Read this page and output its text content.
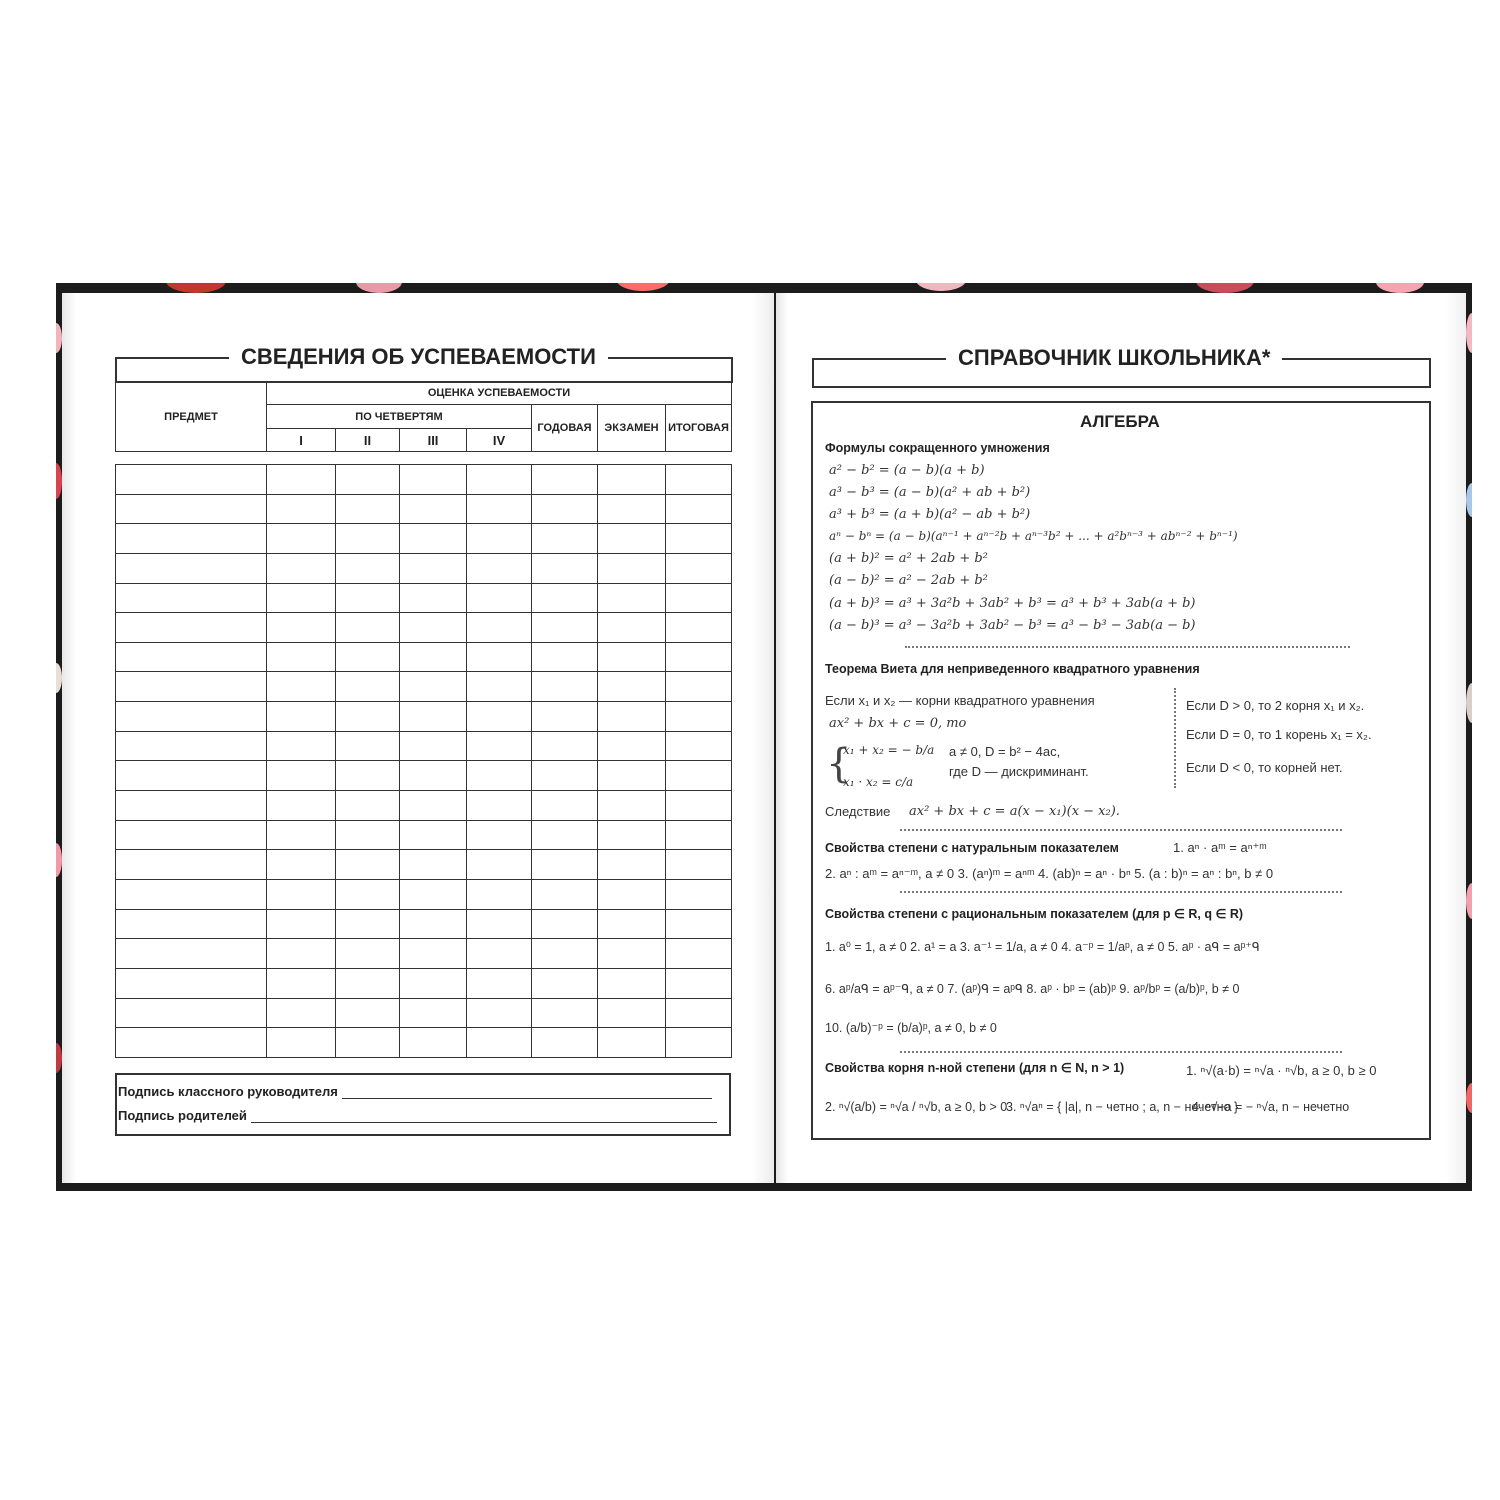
СВЕДЕНИЯ ОБ УСПЕВАЕМОСТИ
ПРЕДМЕТ	ОЦЕНКА УСПЕВАЕМОСТИ						
	ПО ЧЕТВЕРТЯМ				ГОДОВАЯ	ЭКЗАМЕН	ИТОГОВАЯ
	I	II	III	IV			

Подпись классного руководителя
Подпись родителей
СПРАВОЧНИК ШКОЛЬНИКА*
АЛГЕБРА
Формулы сокращенного умножения
a² − b² = (a − b)(a + b)
a³ − b³ = (a − b)(a² + ab + b²)
a³ + b³ = (a + b)(a² − ab + b²)
aⁿ − bⁿ = (a − b)(aⁿ⁻¹ + aⁿ⁻²b + aⁿ⁻³b² + ... + a²bⁿ⁻³ + abⁿ⁻² + bⁿ⁻¹)
(a + b)² = a² + 2ab + b²
(a − b)² = a² − 2ab + b²
(a + b)³ = a³ + 3a²b + 3ab² + b³ = a³ + b³ + 3ab(a + b)
(a − b)³ = a³ − 3a²b + 3ab² − b³ = a³ − b³ − 3ab(a − b)
Теорема Виета для неприведенного квадратного уравнения
Если x₁ и x₂ — корни квадратного уравнения
ax² + bx + c = 0, то
{
x₁ + x₂ = − b/a
x₁ · x₂ = c/a
a ≠ 0, D = b² − 4ac,
где D — дискриминант.
Если D > 0, то 2 корня x₁ и x₂.
Если D = 0, то 1 корень x₁ = x₂.
Если D < 0, то корней нет.
Следствие ax² + bx + c = a(x − x₁)(x − x₂).
Свойства степени с натуральным показателем	1. aⁿ · aᵐ = aⁿ⁺ᵐ
2. aⁿ : aᵐ = aⁿ⁻ᵐ, a ≠ 0 3. (aⁿ)ᵐ = aⁿᵐ 4. (ab)ⁿ = aⁿ · bⁿ 5. (a : b)ⁿ = aⁿ : bⁿ, b ≠ 0
Свойства степени с рациональным показателем (для p ∈ R, q ∈ R)
1. a⁰ = 1, a ≠ 0 2. a¹ = a 3. a⁻¹ = 1/a, a ≠ 0 4. a⁻ᵖ = 1/aᵖ, a ≠ 0 5. aᵖ · aᑫ = aᵖ⁺ᑫ
6. aᵖ/aᑫ = aᵖ⁻ᑫ, a ≠ 0 7. (aᵖ)ᑫ = aᵖᑫ 8. aᵖ · bᵖ = (ab)ᵖ 9. aᵖ/bᵖ = (a/b)ᵖ, b ≠ 0
10. (a/b)⁻ᵖ = (b/a)ᵖ, a ≠ 0, b ≠ 0
Свойства корня n-ной степени (для n ∈ N, n > 1)	1. ⁿ√(a·b) = ⁿ√a · ⁿ√b, a ≥ 0, b ≥ 0
2. ⁿ√(a/b) = ⁿ√a / ⁿ√b, a ≥ 0, b > 0
3. ⁿ√aⁿ = { |a|, n − четно ; a, n − нечетно }
4. ⁿ√−a = − ⁿ√a, n − нечетно
